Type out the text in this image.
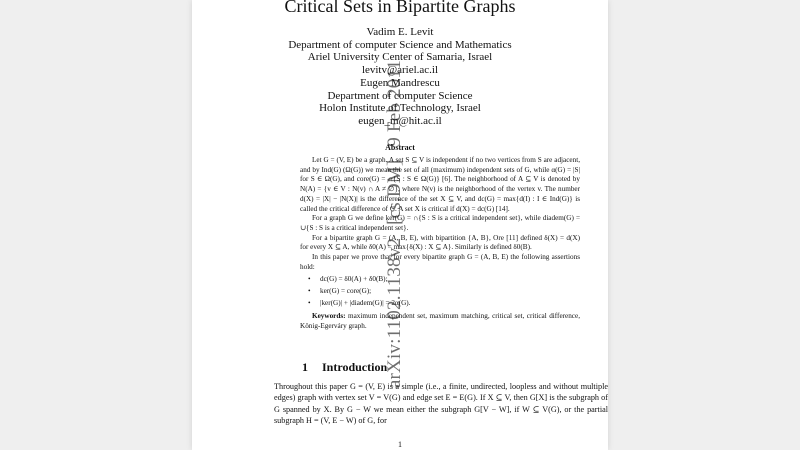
arXiv:1102.1138v2 [cs.DM] 9 Feb 2011
Critical Sets in Bipartite Graphs
Vadim E. Levit
Department of computer Science and Mathematics
Ariel University Center of Samaria, Israel
levitv@ariel.ac.il
Eugen Mandrescu
Department of computer Science
Holon Institute of Technology, Israel
eugen_m@hit.ac.il
Abstract

Let G = (V, E) be a graph. A set S ⊆ V is independent if no two vertices from S are adjacent, and by Ind(G) (Ω(G)) we mean the set of all (maximum) independent sets of G, while α(G) = |S| for S ∈ Ω(G), and core(G) = ∩{S : S ∈ Ω(G)} [6]. The neighborhood of A ⊆ V is denoted by N(A) = {v ∈ V : N(v) ∩ A ≠ ∅}, where N(v) is the neighborhood of the vertex v. The number d(X) = |X| − |N(X)| is the difference of the set X ⊆ V, and dc(G) = max{d(I) : I ∈ Ind(G)} is called the critical difference of G. A set X is critical if d(X) = dc(G) [14].

For a graph G we define ker(G) = ∩{S : S is a critical independent set}, while diadem(G) = ∪{S : S is a critical independent set}.

For a bipartite graph G = (A, B, E), with bipartition {A, B}, Ore [11] defined δ(X) = d(X) for every X ⊆ A, while δ0(A) = max{δ(X) : X ⊆ A}. Similarly is defined δ0(B).

In this paper we prove that for every bipartite graph G = (A, B, E) the following assertions hold:

• dc(G) = δ0(A) + δ0(B);
• ker(G) = core(G);
• |ker(G)| + |diadem(G)| = 2α(G).

Keywords: maximum independent set, maximum matching, critical set, critical difference, König-Egerváry graph.

1 Introduction
Throughout this paper G = (V, E) is a simple (i.e., a finite, undirected, loopless and without multiple edges) graph with vertex set V = V(G) and edge set E = E(G). If X ⊆ V, then G[X] is the subgraph of G spanned by X. By G − W we mean either the subgraph G[V − W], if W ⊆ V(G), or the partial subgraph H = (V, E − W) of G, for
1
